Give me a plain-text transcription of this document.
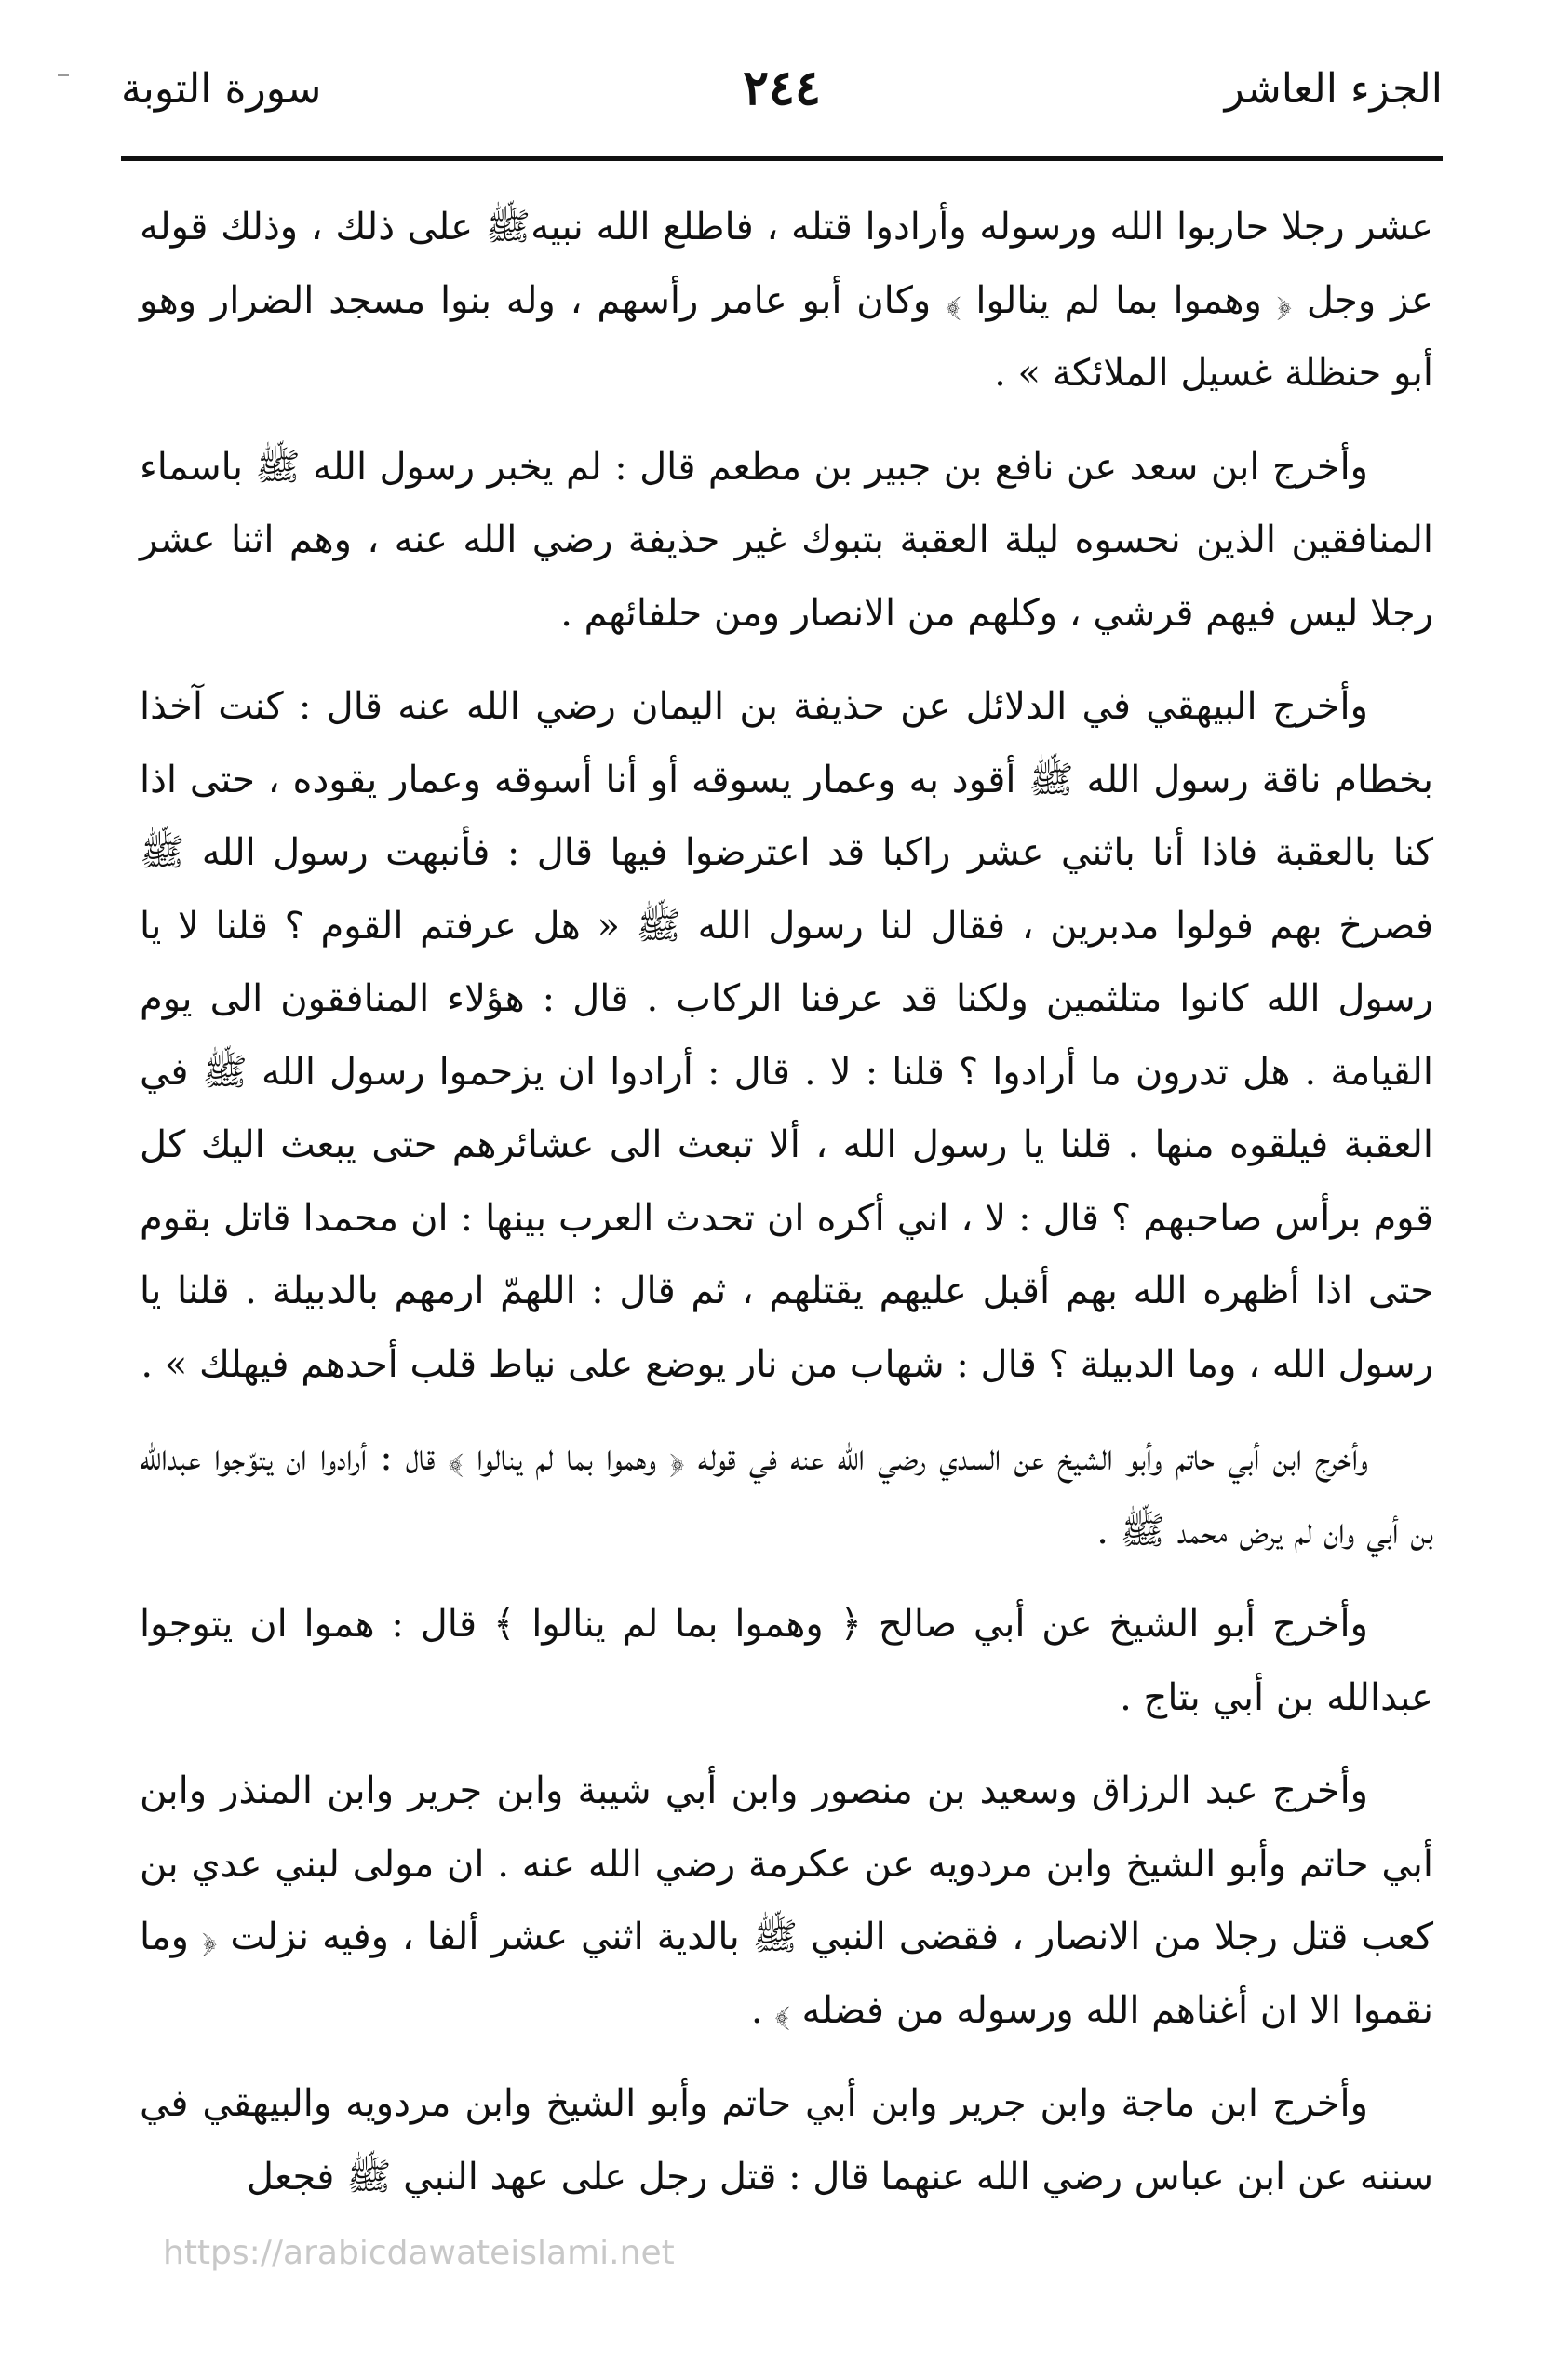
الجزء العاشر
٢٤٤
سورة التوبة

عشر رجلا حاربوا الله ورسوله وأرادوا قتله ، فاطلع الله نبيهﷺ على ذلك ، وذلك قوله عز وجل ﴿ وهموا بما لم ينالوا ﴾ وكان أبو عامر رأسهم ، وله بنوا مسجد الضرار وهو أبو حنظلة غسيل الملائكة » .

وأخرج ابن سعد عن نافع بن جبير بن مطعم قال : لم يخبر رسول الله ﷺ باسماء المنافقين الذين نحسوه ليلة العقبة بتبوك غير حذيفة رضي الله عنه ، وهم اثنا عشر رجلا ليس فيهم قرشي ، وكلهم من الانصار ومن حلفائهم .

وأخرج البيهقي في الدلائل عن حذيفة بن اليمان رضي الله عنه قال : كنت آخذا بخطام ناقة رسول الله ﷺ أقود به وعمار يسوقه أو أنا أسوقه وعمار يقوده ، حتى اذا كنا بالعقبة فاذا أنا باثني عشر راكبا قد اعترضوا فيها قال : فأنبهت رسول الله ﷺ فصرخ بهم فولوا مدبرين ، فقال لنا رسول الله ﷺ « هل عرفتم القوم ؟ قلنا لا يا رسول الله كانوا متلثمين ولكنا قد عرفنا الركاب . قال : هؤلاء المنافقون الى يوم القيامة . هل تدرون ما أرادوا ؟ قلنا : لا . قال : أرادوا ان يزحموا رسول الله ﷺ في العقبة فيلقوه منها . قلنا يا رسول الله ، ألا تبعث الى عشائرهم حتى يبعث اليك كل قوم برأس صاحبهم ؟ قال : لا ، اني أكره ان تحدث العرب بينها : ان محمدا قاتل بقوم حتى اذا أظهره الله بهم أقبل عليهم يقتلهم ، ثم قال : اللهمّ ارمهم بالدبيلة . قلنا يا رسول الله ، وما الدبيلة ؟ قال : شهاب من نار يوضع على نياط قلب أحدهم فيهلك » .

وأخرج ابن أبي حاتم وأبو الشيخ عن السدي رضي الله عنه في قوله ﴿ وهموا بما لم ينالوا ﴾ قال : أرادوا ان يتوّجوا عبدالله بن أبي وان لم يرض محمد ﷺ .

وأخرج أبو الشيخ عن أبي صالح ﴿ وهموا بما لم ينالوا ﴾ قال : هموا ان يتوجوا عبدالله بن أبي بتاج .

وأخرج عبد الرزاق وسعيد بن منصور وابن أبي شيبة وابن جرير وابن المنذر وابن أبي حاتم وأبو الشيخ وابن مردويه عن عكرمة رضي الله عنه . ان مولى لبني عدي بن كعب قتل رجلا من الانصار ، فقضى النبي ﷺ بالدية اثني عشر ألفا ، وفيه نزلت ﴿ وما نقموا الا ان أغناهم الله ورسوله من فضله ﴾ .

وأخرج ابن ماجة وابن جرير وابن أبي حاتم وأبو الشيخ وابن مردويه والبيهقي في سننه عن ابن عباس رضي الله عنهما قال : قتل رجل على عهد النبي ﷺ فجعل

https://arabicdawateislami.net
